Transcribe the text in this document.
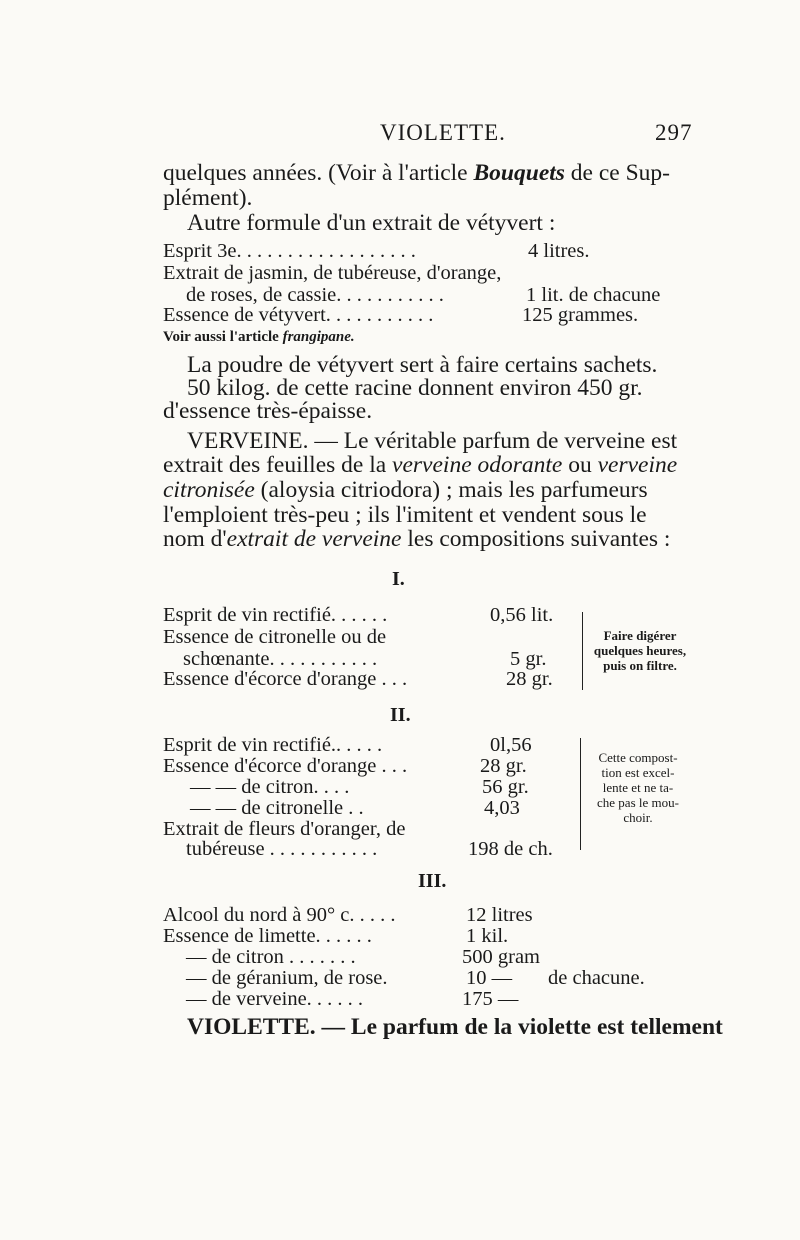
VIOLETTE.	297
quelques années. (Voir à l'article Bouquets de ce Sup-
plément).
Autre formule d'un extrait de vétyvert :
Esprit 3e. . . . . . . . . . . . . . . . . .	4 litres.
Extrait de jasmin, de tubéreuse, d'orange,
de roses, de cassie. . . . . . . . . . .	1 lit. de chacune
Essence de vétyvert. . . . . . . . . . .	125 grammes.
Voir aussi l'article frangipane.
La poudre de vétyvert sert à faire certains sachets.
50 kilog. de cette racine donnent environ 450 gr.
d'essence très-épaisse.
VERVEINE. — Le véritable parfum de verveine est
extrait des feuilles de la verveine odorante ou verveine
citronisée (aloysia citriodora) ; mais les parfumeurs
l'emploient très-peu ; ils l'imitent et vendent sous le
nom d'extrait de verveine les compositions suivantes :
I.
Esprit de vin rectifié. . . . . .	0,56 lit.
Essence de citronelle ou de
schœnante. . . . . . . . . . .	5 gr.
Essence d'écorce d'orange . . .	28 gr.
Faire digérer
quelques heures,
puis on filtre.
II.
Esprit de vin rectifié.. . . . .	0l,56
Essence d'écorce d'orange . . .	28 gr.
— — de citron. . . .	56 gr.
— — de citronelle . .	4,03
Extrait de fleurs d'oranger, de
tubéreuse . . . . . . . . . . .	198 de ch.
Cette compost-
tion est excel-
lente et ne ta-
che pas le mou-
choir.
III.
Alcool du nord à 90° c. . . . .	12 litres
Essence de limette. . . . . .	1 kil.
— de citron . . . . . . .	500 gram
— de géranium, de rose.	10 — de chacune.
— de verveine. . . . . .	175 —
VIOLETTE. — Le parfum de la violette est tellement
